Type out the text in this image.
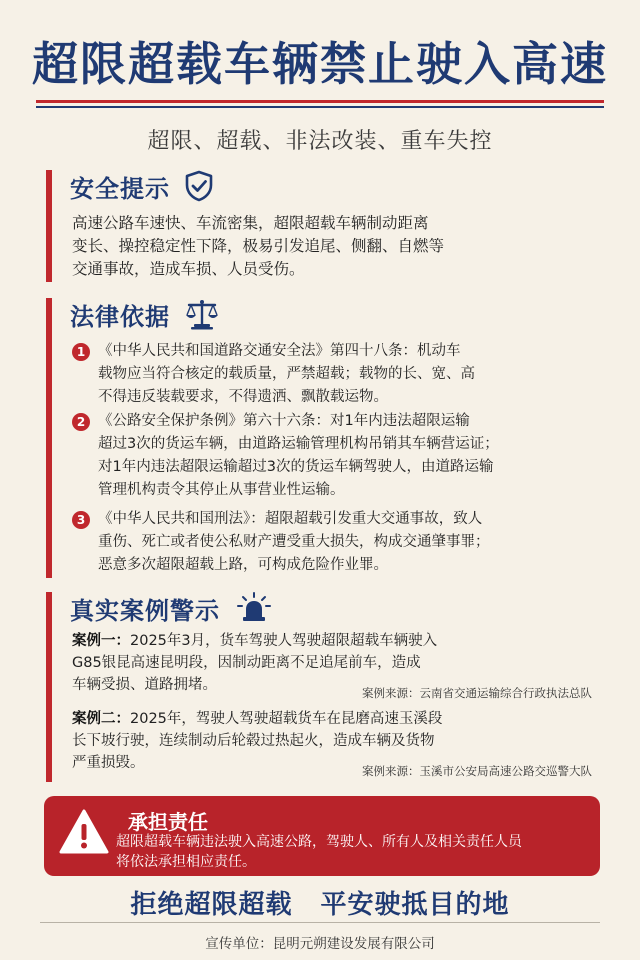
超限超载车辆禁止驶入高速
超限、超载、非法改装、重车失控
安全提示
高速公路车速快、车流密集，超限超载车辆制动距离
变长、操控稳定性下降，极易引发追尾、侧翻、自燃等
交通事故，造成车损、人员受伤。
法律依据
1 《中华人民共和国道路交通安全法》第四十八条：机动车
载物应当符合核定的载质量，严禁超载；载物的长、宽、高
不得违反装载要求，不得遗洒、飘散载运物。
2 《公路安全保护条例》第六十六条：对1年内违法超限运输
超过3次的货运车辆，由道路运输管理机构吊销其车辆营运证；
对1年内违法超限运输超过3次的货运车辆驾驶人，由道路运输
管理机构责令其停止从事营业性运输。
3 《中华人民共和国刑法》：超限超载引发重大交通事故，致人
重伤、死亡或者使公私财产遭受重大损失，构成交通肇事罪；
恶意多次超限超载上路，可构成危险作业罪。
真实案例警示
案例一：2025年3月，货车驾驶人驾驶超限超载车辆驶入
G85银昆高速昆明段，因制动距离不足追尾前车，造成
车辆受损、道路拥堵。	案例来源：云南省交通运输综合行政执法总队
案例二：2025年，驾驶人驾驶超载货车在昆磨高速玉溪段
长下坡行驶，连续制动后轮毂过热起火，造成车辆及货物
严重损毁。	案例来源：玉溪市公安局高速公路交巡警大队
承担责任
超限超载车辆违法驶入高速公路，驾驶人、所有人及相关责任人员
将依法承担相应责任。
拒绝超限超载 平安驶抵目的地
宣传单位：昆明元朔建设发展有限公司
